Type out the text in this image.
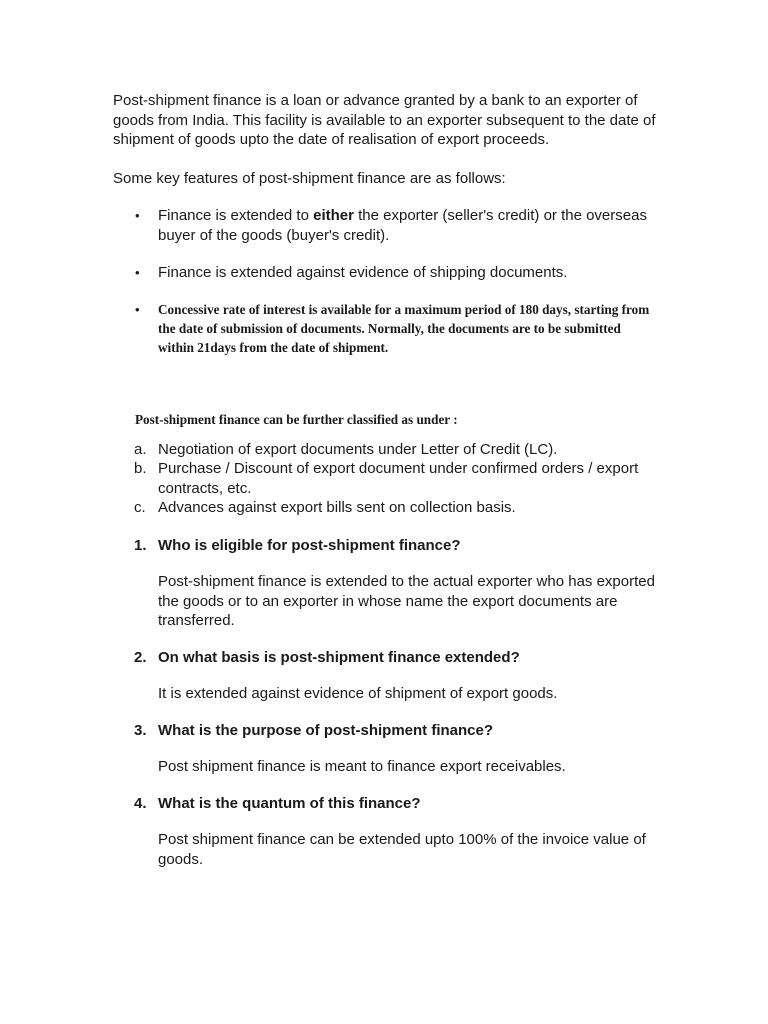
Post-shipment finance is a loan or advance granted by a bank to an exporter of goods from India. This facility is available to an exporter subsequent to the date of shipment of goods upto the date of realisation of export proceeds.

Some key features of post-shipment finance are as follows:

• Finance is extended to either the exporter (seller's credit) or the overseas buyer of the goods (buyer's credit).
• Finance is extended against evidence of shipping documents.
• Concessive rate of interest is available for a maximum period of 180 days, starting from the date of submission of documents. Normally, the documents are to be submitted within 21days from the date of shipment.

Post-shipment finance can be further classified as under :

a. Negotiation of export documents under Letter of Credit (LC).
b. Purchase / Discount of export document under confirmed orders / export contracts, etc.
c. Advances against export bills sent on collection basis.
1. Who is eligible for post-shipment finance?

Post-shipment finance is extended to the actual exporter who has exported the goods or to an exporter in whose name the export documents are transferred.

2. On what basis is post-shipment finance extended?

It is extended against evidence of shipment of export goods.

3. What is the purpose of post-shipment finance?

Post shipment finance is meant to finance export receivables.

4. What is the quantum of this finance?

Post shipment finance can be extended upto 100% of the invoice value of goods.
